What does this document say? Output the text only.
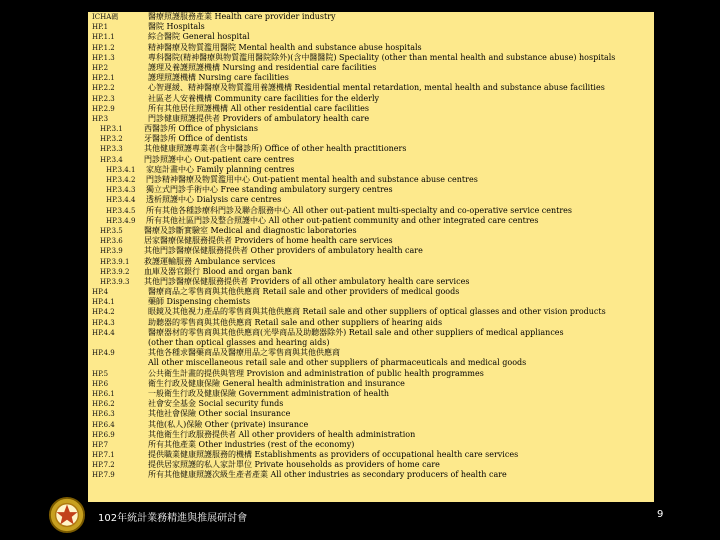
ICHA碼	醫療照護服務產業 Health care provider industry
HP.1	醫院 Hospitals
HP.1.1	綜合醫院 General hospital
HP.1.2	精神醫療及物質濫用醫院 Mental health and substance abuse hospitals
HP.1.3	專科醫院(精神醫療與物質濫用醫院除外)(含中醫醫院) Speciality (other than mental health and substance abuse) hospitals
HP.2	護理及養護照護機構 Nursing and residential care facilities
HP.2.1	護理照護機構 Nursing care facilities
HP.2.2	心智遲緩、精神醫療及物質濫用養護機構 Residential mental retardation, mental health and substance abuse facilities
HP.2.3	社區老人安養機構 Community care facilities for the elderly
HP.2.9	所有其他居住照護機構 All other residential care facilities
HP.3	門診健康照護提供者 Providers of ambulatory health care
HP.3.1	西醫診所 Office of physicians
HP.3.2	牙醫診所 Office of dentists
HP.3.3	其他健康照護專業者(含中醫診所) Office of other health practitioners
HP.3.4	門診照護中心 Out-patient care centres
HP.3.4.1	家庭計畫中心 Family planning centres
HP.3.4.2	門診精神醫療及物質濫用中心 Out-patient mental health and substance abuse centres
HP.3.4.3	獨立式門診手術中心 Free standing ambulatory surgery centres
HP.3.4.4	透析照護中心 Dialysis care centres
HP.3.4.5	所有其他各種診療科門診及聯合服務中心 All other out-patient multi-specialty and co-operative service centres
HP.3.4.9	所有其他社區門診及整合照護中心 All other out-patient community and other integrated care centres
HP.3.5	醫療及診斷實驗室 Medical and diagnostic laboratories
HP.3.6	居家醫療保健服務提供者 Providers of home health care services
HP.3.9	其他門診醫療保健服務提供者 Other providers of ambulatory health care
HP.3.9.1	救護運輸服務 Ambulance services
HP.3.9.2	血庫及器官銀行 Blood and organ bank
HP.3.9.3	其他門診醫療保健服務提供者 Providers of all other ambulatory health care services
HP.4	醫療商品之零售商與其他供應商 Retail sale and other providers of medical goods
HP.4.1	藥師 Dispensing chemists
HP.4.2	眼鏡及其他視力產品的零售商與其他供應商 Retail sale and other suppliers of optical glasses and other vision products
HP.4.3	助聽器的零售商與其他供應商 Retail sale and other suppliers of hearing aids
HP.4.4	醫療器材的零售商與其他供應商(光學商品及助聽器除外) Retail sale and other suppliers of medical appliances
(other than optical glasses and hearing aids)
HP.4.9	其他各種求醫藥商品及醫療用品之零售商與其他供應商
All other miscellaneous retail sale and other suppliers of pharmaceuticals and medical goods
HP.5	公共衛生計畫的提供與管理 Provision and administration of public health programmes
HP.6	衛生行政及健康保險 General health administration and insurance
HP.6.1	一般衛生行政及健康保險 Government administration of health
HP.6.2	社會安全基金 Social security funds
HP.6.3	其他社會保險 Other social insurance
HP.6.4	其他(私人)保險 Other (private) insurance
HP.6.9	其他衛生行政服務提供者 All other providers of health administration
HP.7	所有其他產業 Other industries (rest of the economy)
HP.7.1	提供職業健康照護服務的機構 Establishments as providers of occupational health care services
HP.7.2	提供居家照護的私人家計單位 Private households as providers of home care
HP.7.9	所有其他健康照護次級生產者產業 All other industries as secondary producers of health care
102年統計業務精進與推展研討會	9
